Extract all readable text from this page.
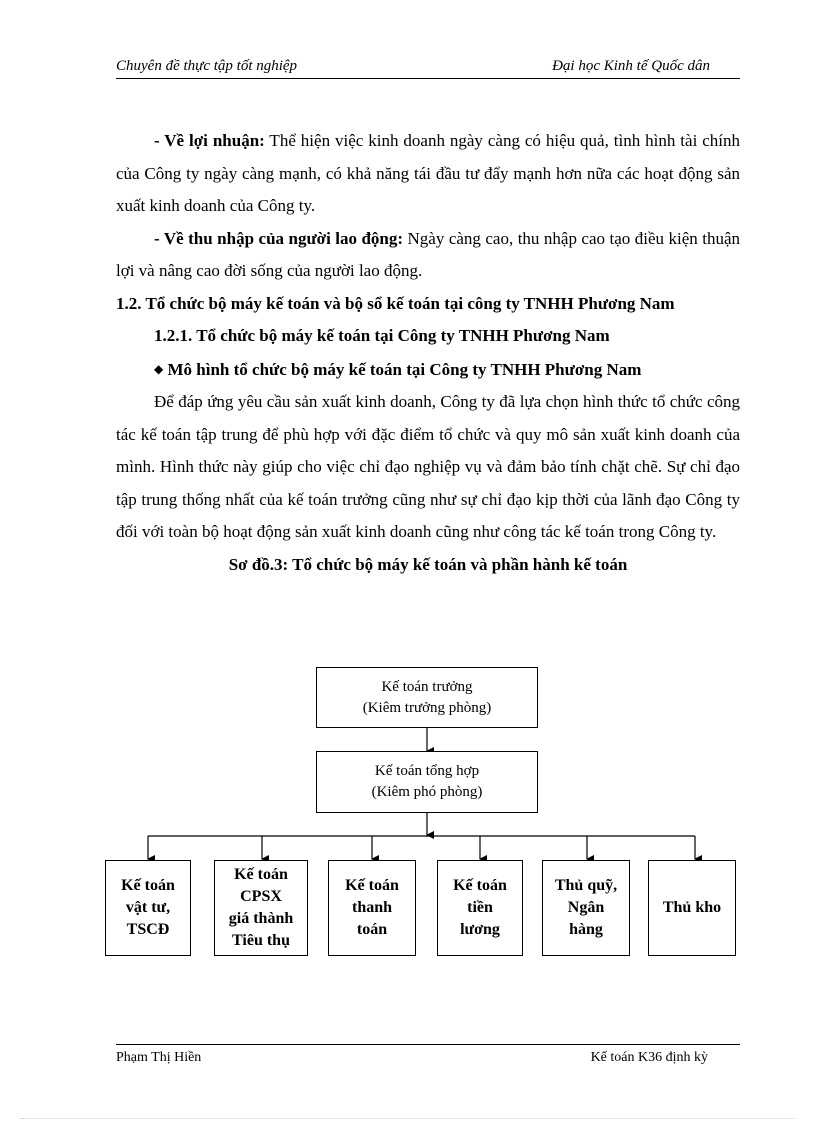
Chuyên đề thực tập tốt nghiệp	Đại học Kinh tế Quốc dân

- Về lợi nhuận: Thể hiện việc kinh doanh ngày càng có hiệu quả, tình hình tài chính của Công ty ngày càng mạnh, có khả năng tái đầu tư đẩy mạnh hơn nữa các hoạt động sản xuất kinh doanh của Công ty.

- Về thu nhập của người lao động: Ngày càng cao, thu nhập cao tạo điều kiện thuận lợi và nâng cao đời sống của người lao động.

1.2. Tổ chức bộ máy kế toán và bộ sổ kế toán tại công ty TNHH Phương Nam

1.2.1. Tổ chức bộ máy kế toán tại Công ty TNHH Phương Nam

◆ Mô hình tổ chức bộ máy kế toán tại Công ty TNHH Phương Nam

Để đáp ứng yêu cầu sản xuất kinh doanh, Công ty đã lựa chọn hình thức tổ chức công tác kế toán tập trung để phù hợp với đặc điểm tổ chức và quy mô sản xuất kinh doanh của mình. Hình thức này giúp cho việc chỉ đạo nghiệp vụ và đảm bảo tính chặt chẽ. Sự chỉ đạo tập trung thống nhất của kế toán trưởng cũng như sự chỉ đạo kịp thời của lãnh đạo Công ty đối với toàn bộ hoạt động sản xuất kinh doanh cũng như công tác kế toán trong Công ty.

Sơ đồ.3: Tổ chức bộ máy kế toán và phần hành kế toán

Kế toán trưởng
(Kiêm trưởng phòng)
Kế toán tổng hợp
(Kiêm phó phòng)
Kế toán
vật tư,
TSCĐ
Kế toán
CPSX
giá thành
Tiêu thụ
Kế toán
thanh
toán
Kế toán
tiền
lương
Thủ quỹ,
Ngân
hàng
Thủ kho
Phạm Thị Hiền	Kế toán K36 định kỳ
